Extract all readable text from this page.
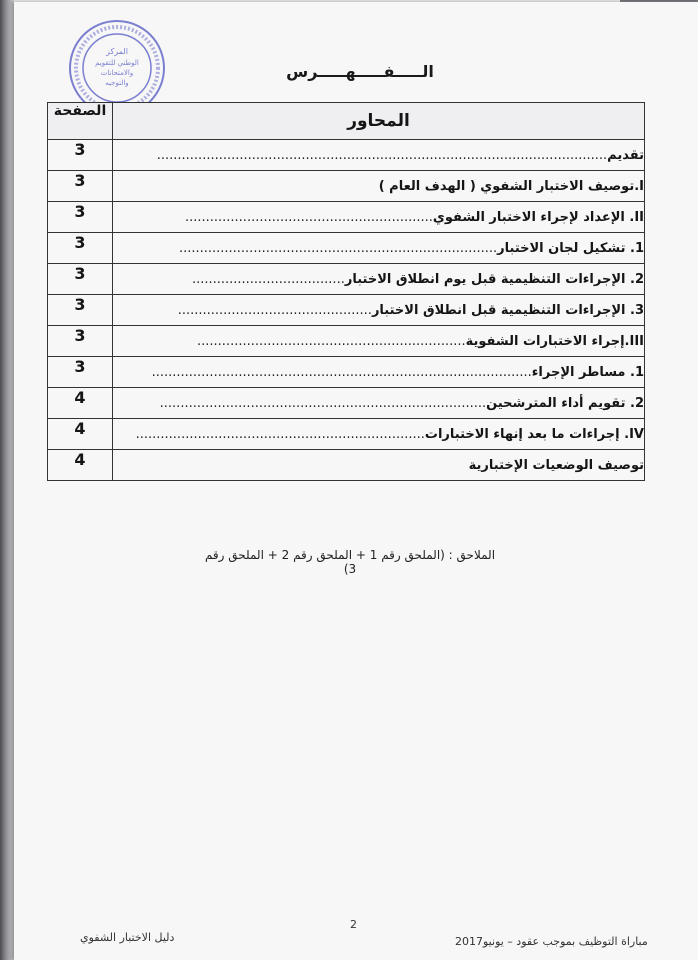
المركز
الوطني للتقويم
والامتحانات
والتوجيه
الـــــفـــــهـــــرس
المحاور	الصفحة
تقديم.............................................................................................................	3
I.توصيف الاختبار الشفوي ( الهدف العام )	3
II. الإعداد لإجراء الاختبار الشفوي............................................................	3
1. تشكيل لجان الاختبار.............................................................................	3
2. الإجراءات التنظيمية قبل يوم انطلاق الاختبار.....................................	3
3. الإجراءات التنظيمية قبل انطلاق الاختبار...............................................	3
III.إجراء الاختبارات الشفوية.................................................................	3
1. مساطر الإجراء............................................................................................	3
2. تقويم أداء المترشحين...............................................................................	4
IV. إجراءات ما بعد إنهاء الاختبارات......................................................................	4
توصيف الوضعيات الإختبارية	4
الملاحق : (الملحق رقم 1 + الملحق رقم 2 + الملحق رقم 3)
دليل الاختبار الشفوي
2
مباراة التوظيف بموجب عقود – يونيو2017
